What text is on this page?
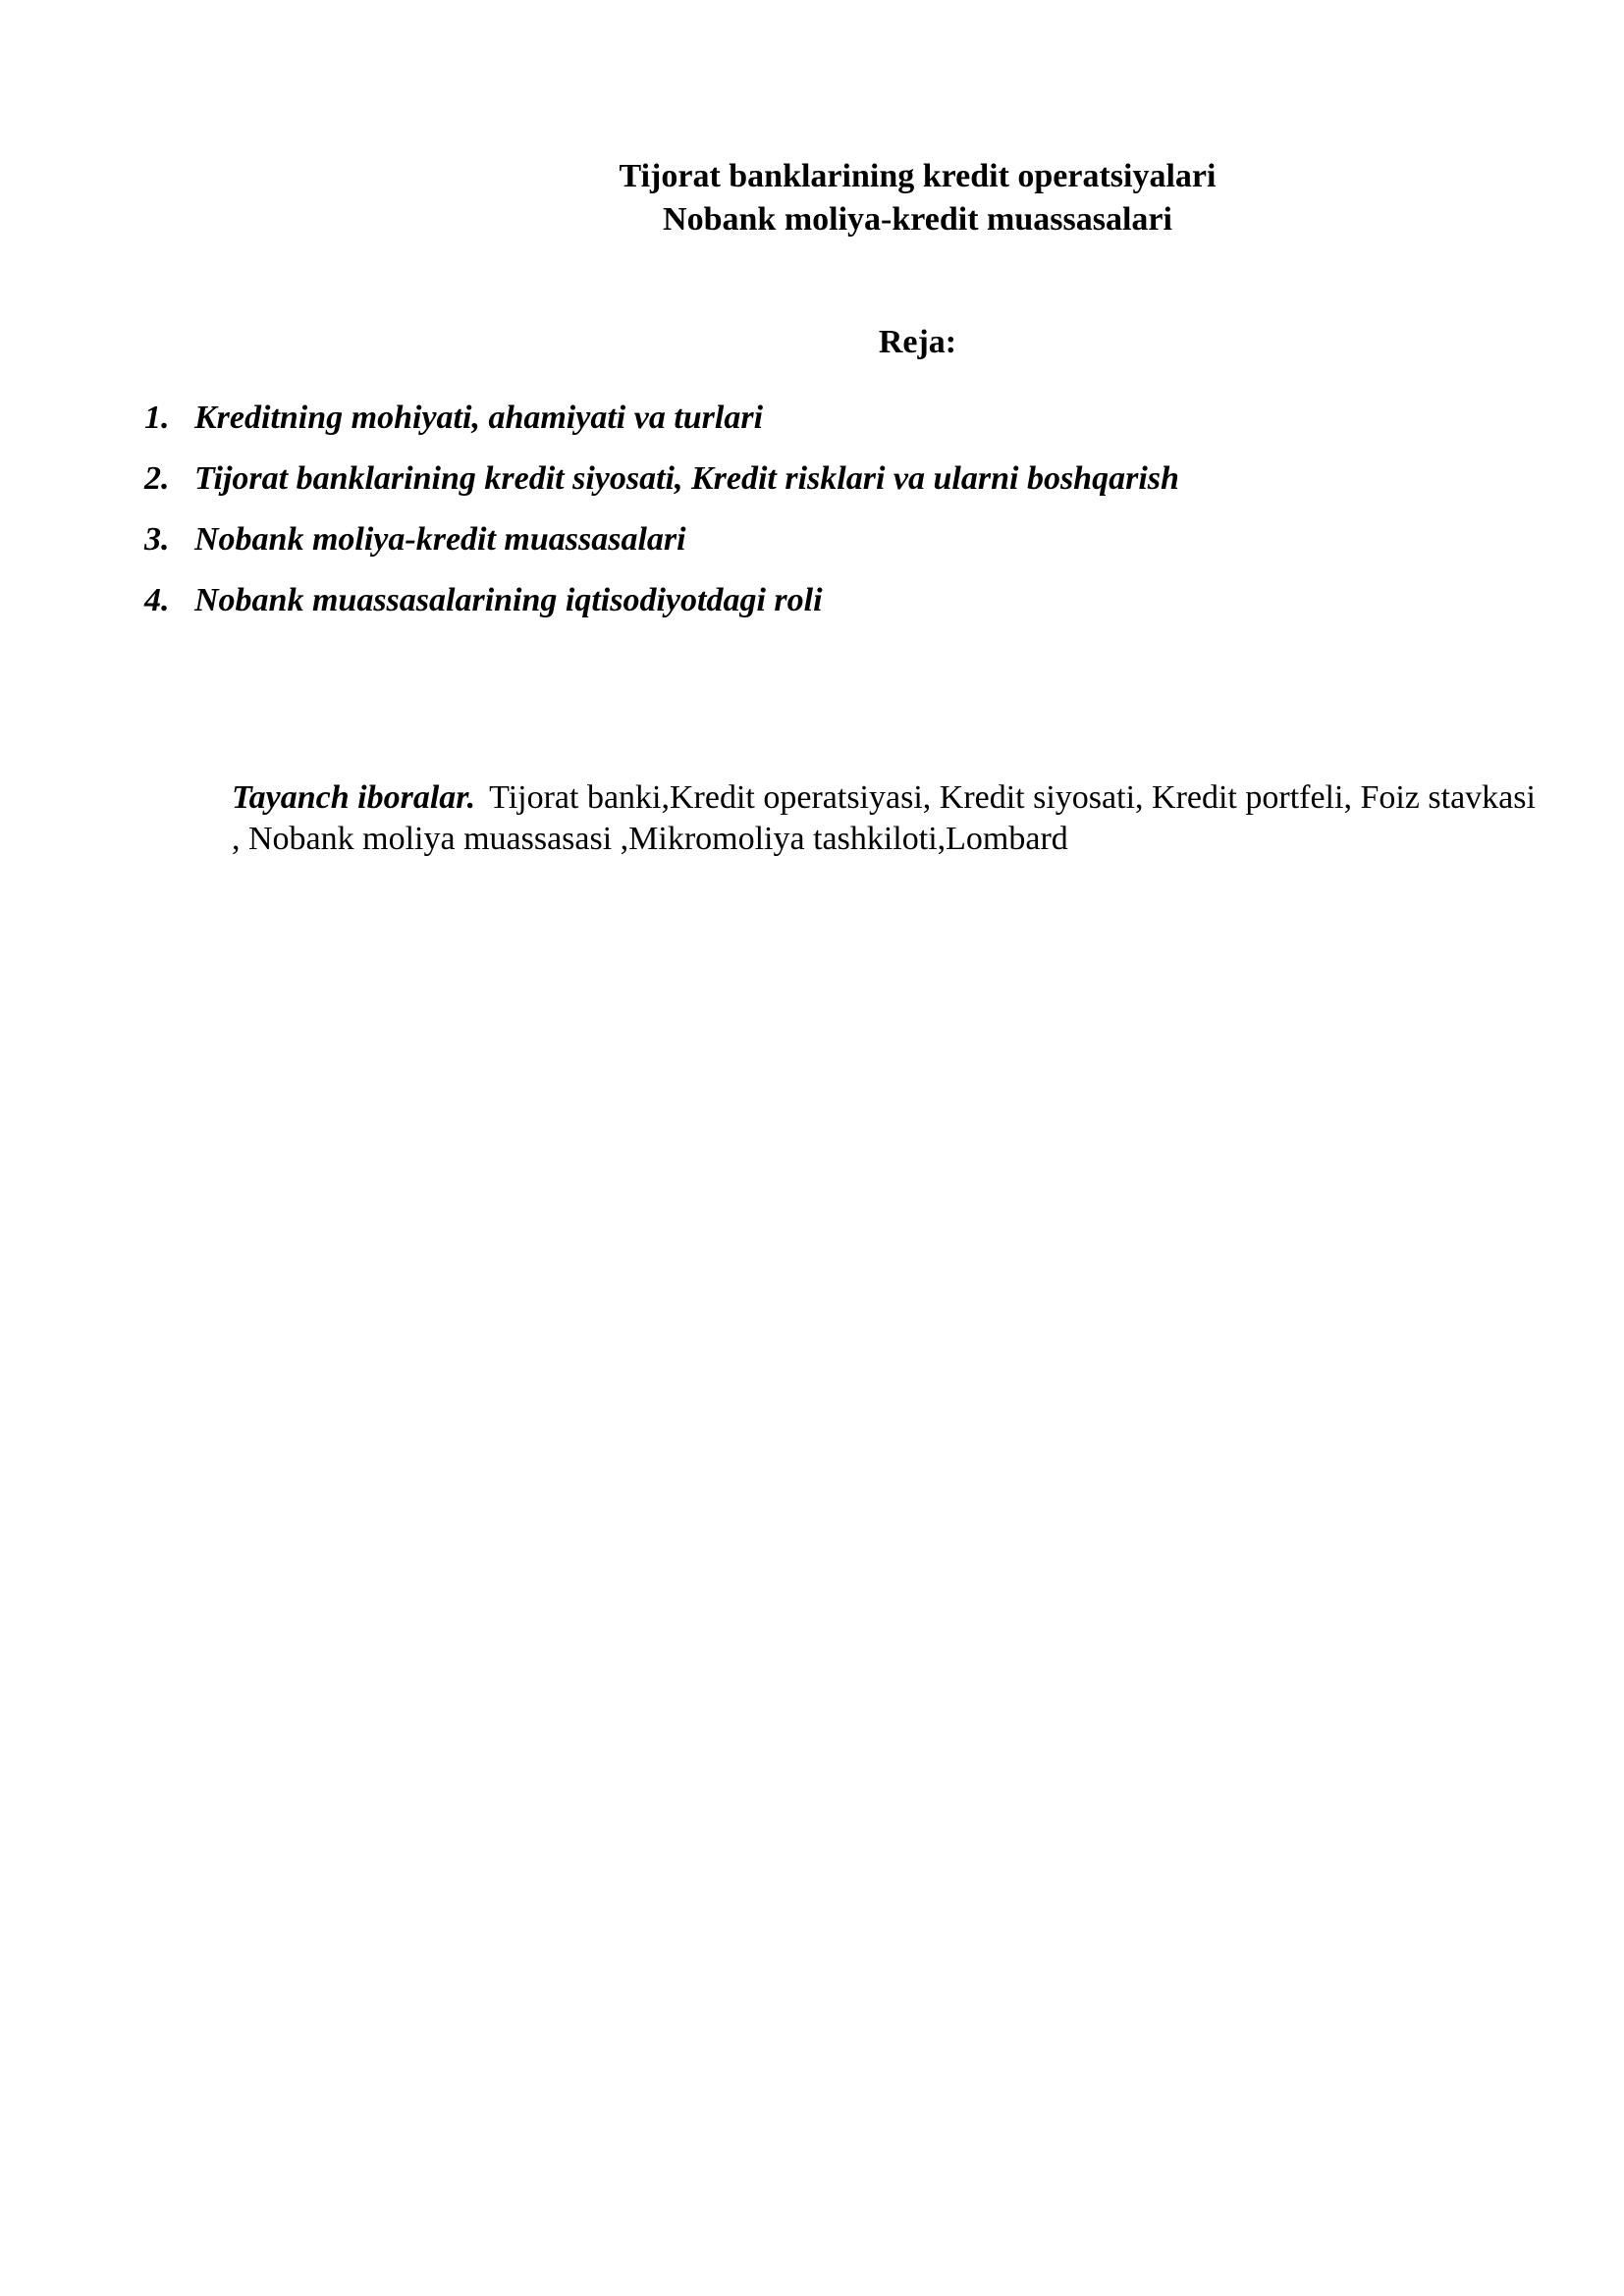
Tijorat banklarining kredit operatsiyalari
Nobank moliya-kredit muassasalari
Reja:
1. Kreditning mohiyati, ahamiyati va turlari
2. Tijorat banklarining kredit siyosati, Kredit risklari va ularni boshqarish
3. Nobank moliya-kredit muassasalari
4. Nobank muassasalarining iqtisodiyotdagi roli

Tayanch iboralar. Tijorat banki,Kredit operatsiyasi, Kredit siyosati, Kredit portfeli, Foiz stavkasi , Nobank moliya muassasasi ,Mikromoliya tashkiloti,Lombard
